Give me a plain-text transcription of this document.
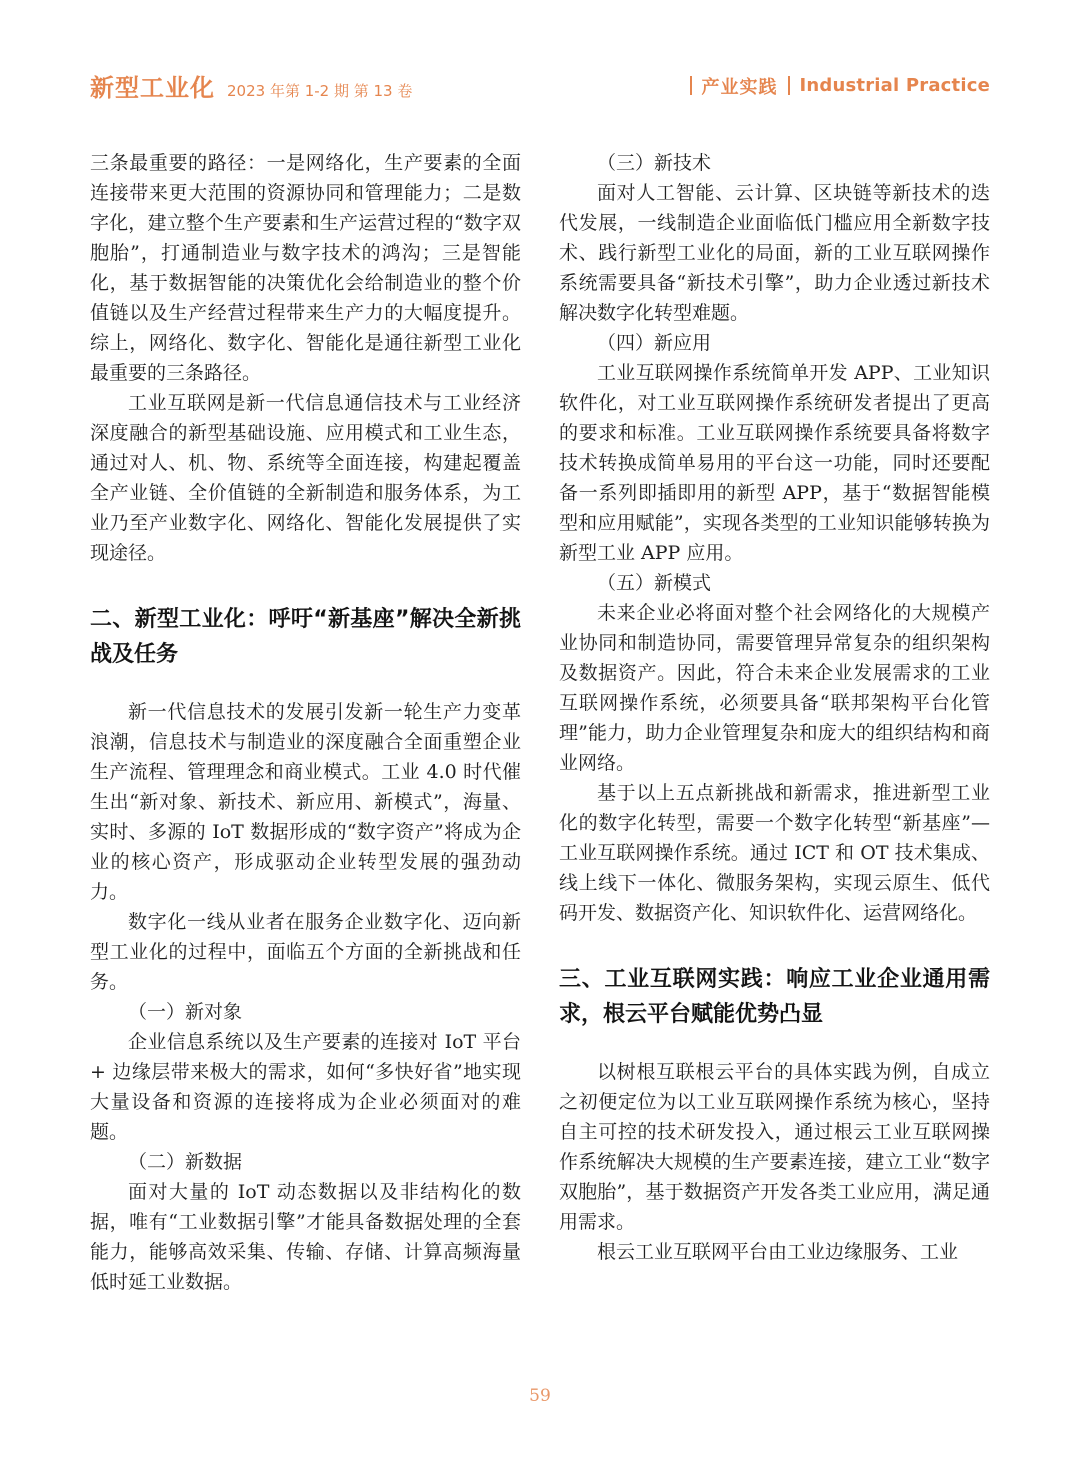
新型工业化 2023 年第 1-2 期 第 13 卷	产业实践 Industrial Practice

三条最重要的路径：一是网络化，生产要素的全面连接带来更大范围的资源协同和管理能力；二是数字化，建立整个生产要素和生产运营过程的“数字双胞胎”，打通制造业与数字技术的鸿沟；三是智能化，基于数据智能的决策优化会给制造业的整个价值链以及生产经营过程带来生产力的大幅度提升。综上，网络化、数字化、智能化是通往新型工业化最重要的三条路径。

工业互联网是新一代信息通信技术与工业经济深度融合的新型基础设施、应用模式和工业生态，通过对人、机、物、系统等全面连接，构建起覆盖全产业链、全价值链的全新制造和服务体系，为工业乃至产业数字化、网络化、智能化发展提供了实现途径。

二、新型工业化：呼吁“新基座”解决全新挑战及任务

新一代信息技术的发展引发新一轮生产力变革浪潮，信息技术与制造业的深度融合全面重塑企业生产流程、管理理念和商业模式。工业 4.0 时代催生出“新对象、新技术、新应用、新模式”，海量、实时、多源的 IoT 数据形成的“数字资产”将成为企业的核心资产，形成驱动企业转型发展的强劲动力。

数字化一线从业者在服务企业数字化、迈向新型工业化的过程中，面临五个方面的全新挑战和任务。

（一）新对象

企业信息系统以及生产要素的连接对 IoT 平台 + 边缘层带来极大的需求，如何“多快好省”地实现大量设备和资源的连接将成为企业必须面对的难题。

（二）新数据

面对大量的 IoT 动态数据以及非结构化的数据，唯有“工业数据引擎”才能具备数据处理的全套能力，能够高效采集、传输、存储、计算高频海量低时延工业数据。

（三）新技术

面对人工智能、云计算、区块链等新技术的迭代发展，一线制造企业面临低门槛应用全新数字技术、践行新型工业化的局面，新的工业互联网操作系统需要具备“新技术引擎”，助力企业透过新技术解决数字化转型难题。

（四）新应用

工业互联网操作系统简单开发 APP、工业知识软件化，对工业互联网操作系统研发者提出了更高的要求和标准。工业互联网操作系统要具备将数字技术转换成简单易用的平台这一功能，同时还要配备一系列即插即用的新型 APP，基于“数据智能模型和应用赋能”，实现各类型的工业知识能够转换为新型工业 APP 应用。

（五）新模式

未来企业必将面对整个社会网络化的大规模产业协同和制造协同，需要管理异常复杂的组织架构及数据资产。因此，符合未来企业发展需求的工业互联网操作系统，必须要具备“联邦架构平台化管理”能力，助力企业管理复杂和庞大的组织结构和商业网络。

基于以上五点新挑战和新需求，推进新型工业化的数字化转型，需要一个数字化转型“新基座”—工业互联网操作系统。通过 ICT 和 OT 技术集成、线上线下一体化、微服务架构，实现云原生、低代码开发、数据资产化、知识软件化、运营网络化。

三、工业互联网实践：响应工业企业通用需求，根云平台赋能优势凸显

以树根互联根云平台的具体实践为例，自成立之初便定位为以工业互联网操作系统为核心，坚持自主可控的技术研发投入，通过根云工业互联网操作系统解决大规模的生产要素连接，建立工业“数字双胞胎”，基于数据资产开发各类工业应用，满足通用需求。

根云工业互联网平台由工业边缘服务、工业

59
